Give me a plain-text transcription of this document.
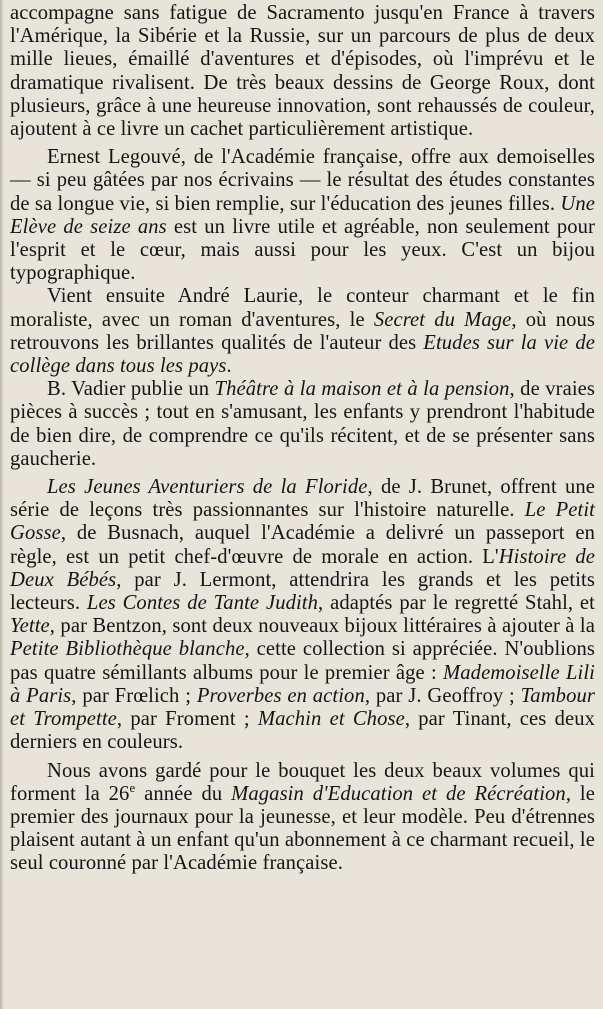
accompagne sans fatigue de Sacramento jusqu'en France à travers l'Amérique, la Sibérie et la Russie, sur un parcours de plus de deux mille lieues, émaillé d'aventures et d'épisodes, où l'imprévu et le dramatique rivalisent. De très beaux dessins de George Roux, dont plusieurs, grâce à une heureuse innovation, sont rehaussés de couleur, ajoutent à ce livre un cachet particulièrement artistique.

Ernest Legouvé, de l'Académie française, offre aux demoiselles — si peu gâtées par nos écrivains — le résultat des études constantes de sa longue vie, si bien remplie, sur l'éducation des jeunes filles. Une Elève de seize ans est un livre utile et agréable, non seulement pour l'esprit et le cœur, mais aussi pour les yeux. C'est un bijou typographique.

Vient ensuite André Laurie, le conteur charmant et le fin moraliste, avec un roman d'aventures, le Secret du Mage, où nous retrouvons les brillantes qualités de l'auteur des Etudes sur la vie de collège dans tous les pays.

B. Vadier publie un Théâtre à la maison et à la pension, de vraies pièces à succès ; tout en s'amusant, les enfants y prendront l'habitude de bien dire, de comprendre ce qu'ils récitent, et de se présenter sans gaucherie.

Les Jeunes Aventuriers de la Floride, de J. Brunet, offrent une série de leçons très passionnantes sur l'histoire naturelle. Le Petit Gosse, de Busnach, auquel l'Académie a delivré un passeport en règle, est un petit chef-d'œuvre de morale en action. L'Histoire de Deux Bébés, par J. Lermont, attendrira les grands et les petits lecteurs. Les Contes de Tante Judith, adaptés par le regretté Stahl, et Yette, par Bentzon, sont deux nouveaux bijoux littéraires à ajouter à la Petite Bibliothèque blanche, cette collection si appréciée. N'oublions pas quatre sémillants albums pour le premier âge : Mademoiselle Lili à Paris, par Frœlich ; Proverbes en action, par J. Geoffroy ; Tambour et Trompette, par Froment ; Machin et Chose, par Tinant, ces deux derniers en couleurs.

Nous avons gardé pour le bouquet les deux beaux volumes qui forment la 26e année du Magasin d'Education et de Récréation, le premier des journaux pour la jeunesse, et leur modèle. Peu d'étrennes plaisent autant à un enfant qu'un abonnement à ce charmant recueil, le seul couronné par l'Académie française.
